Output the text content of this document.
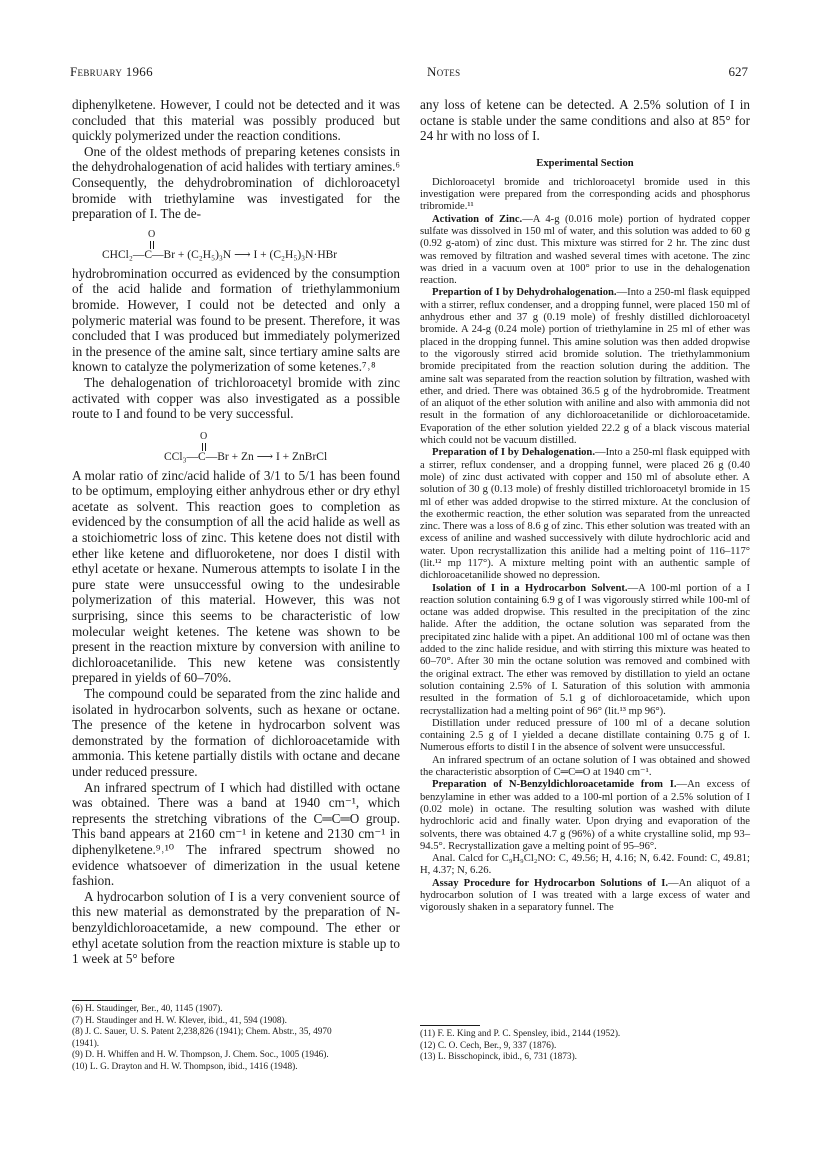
February 1966	Notes	627

diphenylketene. However, I could not be detected and it was concluded that this material was possibly produced but quickly polymerized under the reaction conditions.

One of the oldest methods of preparing ketenes consists in the dehydrohalogenation of acid halides with tertiary amines.⁶ Consequently, the dehydrobromination of dichloroacetyl bromide with triethylamine was investigated for the preparation of I. The de-

O
CHCl₂—C—Br + (C₂H₅)₃N ⟶ I + (C₂H₅)₃N·HBr

hydrobromination occurred as evidenced by the consumption of the acid halide and formation of triethylammonium bromide. However, I could not be detected and only a polymeric material was found to be present. Therefore, it was concluded that I was produced but immediately polymerized in the presence of the amine salt, since tertiary amine salts are known to catalyze the polymerization of some ketenes.⁷˒⁸

The dehalogenation of trichloroacetyl bromide with zinc activated with copper was also investigated as a possible route to I and found to be very successful.

O
CCl₃—C—Br + Zn ⟶ I + ZnBrCl

A molar ratio of zinc/acid halide of 3/1 to 5/1 has been found to be optimum, employing either anhydrous ether or dry ethyl acetate as solvent. This reaction goes to completion as evidenced by the consumption of all the acid halide as well as a stoichiometric loss of zinc. This ketene does not distil with ether like ketene and difluoroketene, nor does I distil with ethyl acetate or hexane. Numerous attempts to isolate I in the pure state were unsuccessful owing to the undesirable polymerization of this material. However, this was not surprising, since this seems to be characteristic of low molecular weight ketenes. The ketene was shown to be present in the reaction mixture by conversion with aniline to dichloroacetanilide. This new ketene was consistently prepared in yields of 60–70%.

The compound could be separated from the zinc halide and isolated in hydrocarbon solvents, such as hexane or octane. The presence of the ketene in hydrocarbon solvent was demonstrated by the formation of dichloroacetamide with ammonia. This ketene partially distils with octane and decane under reduced pressure.

An infrared spectrum of I which had distilled with octane was obtained. There was a band at 1940 cm⁻¹, which represents the stretching vibrations of the C═C═O group. This band appears at 2160 cm⁻¹ in ketene and 2130 cm⁻¹ in diphenylketene.⁹˒¹⁰ The infrared spectrum showed no evidence whatsoever of dimerization in the usual ketene fashion.

A hydrocarbon solution of I is a very convenient source of this new material as demonstrated by the preparation of N-benzyldichloroacetamide, a new compound. The ether or ethyl acetate solution from the reaction mixture is stable up to 1 week at 5° before

(6) H. Staudinger, Ber., 40, 1145 (1907).
(7) H. Staudinger and H. W. Klever, ibid., 41, 594 (1908).
(8) J. C. Sauer, U. S. Patent 2,238,826 (1941); Chem. Abstr., 35, 4970
(1941).
(9) D. H. Whiffen and H. W. Thompson, J. Chem. Soc., 1005 (1946).
(10) L. G. Drayton and H. W. Thompson, ibid., 1416 (1948).

any loss of ketene can be detected. A 2.5% solution of I in octane is stable under the same conditions and also at 85° for 24 hr with no loss of I.

Experimental Section

Dichloroacetyl bromide and trichloroacetyl bromide used in this investigation were prepared from the corresponding acids and phosphorus tribromide.¹¹

Activation of Zinc.—A 4-g (0.016 mole) portion of hydrated copper sulfate was dissolved in 150 ml of water, and this solution was added to 60 g (0.92 g-atom) of zinc dust. This mixture was stirred for 2 hr. The zinc dust was removed by filtration and washed several times with acetone. The zinc was dried in a vacuum oven at 100° prior to use in the dehalogenation reaction.

Prepartion of I by Dehydrohalogenation.—Into a 250-ml flask equipped with a stirrer, reflux condenser, and a dropping funnel, were placed 150 ml of anhydrous ether and 37 g (0.19 mole) of freshly distilled dichloroacetyl bromide. A 24-g (0.24 mole) portion of triethylamine in 25 ml of ether was placed in the dropping funnel. This amine solution was then added dropwise to the vigorously stirred acid bromide solution. The triethylammonium bromide precipitated from the reaction solution during the addition. The amine salt was separated from the reaction solution by filtration, washed with ether, and dried. There was obtained 36.5 g of the hydrobromide. Treatment of an aliquot of the ether solution with aniline and also with ammonia did not result in the formation of any dichloroacetanilide or dichloroacetamide. Evaporation of the ether solution yielded 22.2 g of a black viscous material which could not be vacuum distilled.

Preparation of I by Dehalogenation.—Into a 250-ml flask equipped with a stirrer, reflux condenser, and a dropping funnel, were placed 26 g (0.40 mole) of zinc dust activated with copper and 150 ml of absolute ether. A solution of 30 g (0.13 mole) of freshly distilled trichloroacetyl bromide in 15 ml of ether was added dropwise to the stirred mixture. At the conclusion of the exothermic reaction, the ether solution was separated from the unreacted zinc. There was a loss of 8.6 g of zinc. This ether solution was treated with an excess of aniline and washed successively with dilute hydrochloric acid and water. Upon recrystallization this anilide had a melting point of 116–117° (lit.¹² mp 117°). A mixture melting point with an authentic sample of dichloroacetanilide showed no depression.

Isolation of I in a Hydrocarbon Solvent.—A 100-ml portion of a I reaction solution containing 6.9 g of I was vigorously stirred while 100-ml of octane was added dropwise. This resulted in the precipitation of the zinc halide. After the addition, the octane solution was separated from the precipitated zinc halide with a pipet. An additional 100 ml of octane was then added to the zinc halide residue, and with stirring this mixture was heated to 60–70°. After 30 min the octane solution was removed and combined with the original extract. The ether was removed by distillation to yield an octane solution containing 2.5% of I. Saturation of this solution with ammonia resulted in the formation of 5.1 g of dichloroacetamide, which upon recrystallization had a melting point of 96° (lit.¹³ mp 96°).

Distillation under reduced pressure of 100 ml of a decane solution containing 2.5 g of I yielded a decane distillate containing 0.75 g of I. Numerous efforts to distil I in the absence of solvent were unsuccessful.

An infrared spectrum of an octane solution of I was obtained and showed the characteristic absorption of C═C═O at 1940 cm⁻¹.

Preparation of N-Benzyldichloroacetamide from I.—An excess of benzylamine in ether was added to a 100-ml portion of a 2.5% solution of I (0.02 mole) in octane. The resulting solution was washed with dilute hydrochloric acid and finally water. Upon drying and evaporation of the solvents, there was obtained 4.7 g (96%) of a white crystalline solid, mp 93–94.5°. Recrystallization gave a melting point of 95–96°.

Anal. Calcd for C₉H₉Cl₂NO: C, 49.56; H, 4.16; N, 6.42. Found: C, 49.81; H, 4.37; N, 6.26.

Assay Procedure for Hydrocarbon Solutions of I.—An aliquot of a hydrocarbon solution of I was treated with a large excess of water and vigorously shaken in a separatory funnel. The

(11) F. E. King and P. C. Spensley, ibid., 2144 (1952).
(12) C. O. Cech, Ber., 9, 337 (1876).
(13) L. Bisschopinck, ibid., 6, 731 (1873).
